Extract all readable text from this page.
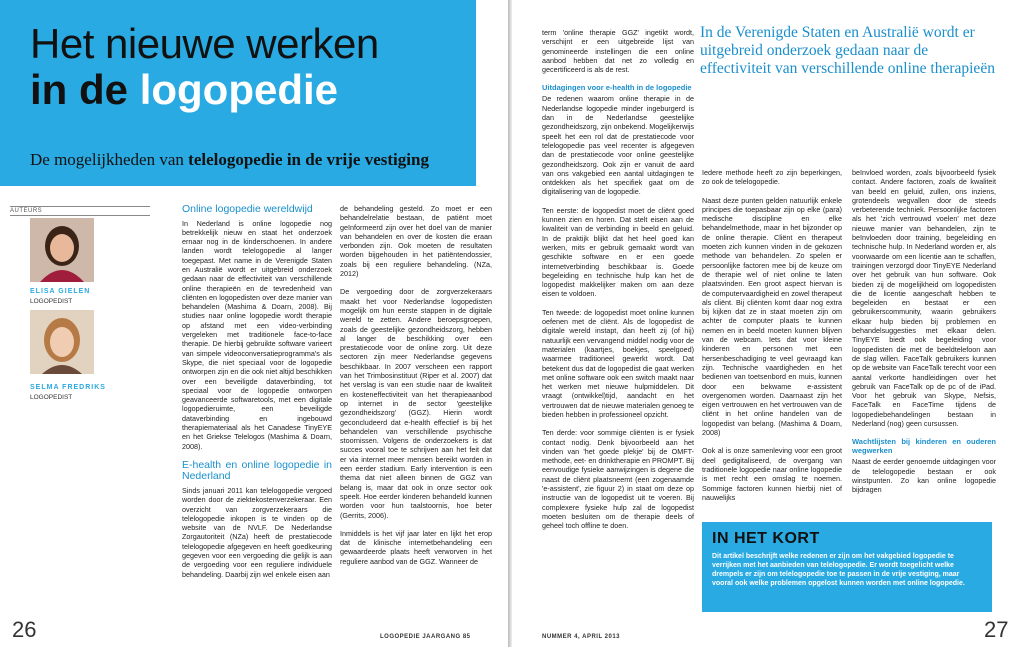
Het nieuwe werken
in de logopedie
De mogelijkheden van telelogopedie in de vrije vestiging
AUTEURS
ELISA GIELEN
LOGOPEDIST
SELMA FREDRIKS
LOGOPEDIST
Online logopedie wereldwijd

In Nederland is online logopedie nog betrekkelijk nieuw en staat het onderzoek ernaar nog in de kinderschoenen. In andere landen wordt telelogopedie al langer toegepast. Met name in de Verenigde Staten en Australië wordt er uitgebreid onderzoek gedaan naar de effectiviteit van verschillende online therapieën en de tevredenheid van cliënten en logopedisten over deze manier van behandelen (Mashima & Doarn, 2008). Bij studies naar online logopedie wordt therapie op afstand met een video-verbinding vergeleken met traditionele face-to-face therapie. De hierbij gebruikte software varieert van simpele videoconversatieprogramma's als Skype, die niet speciaal voor de logopedie ontworpen zijn en die ook niet altijd beschikken over een beveiligde dataverbinding, tot speciaal voor de logopedie ontworpen geavanceerde softwaretools, met een digitale logopedieruimte, een beveiligde dataverbinding en ingebouwd therapiemateriaal als het Canadese TinyEYE en het Griekse Telelogos (Mashima & Doarn, 2008).

E-health en online logopedie in Nederland

Sinds januari 2011 kan telelogopedie vergoed worden door de ziektekostenverzekeraar. Een overzicht van zorgverzekeraars die telelogopedie inkopen is te vinden op de website van de NVLF. De Nederlandse Zorgautoriteit (NZa) heeft de prestatiecode telelogopedie afgegeven en heeft goedkeuring gegeven voor een vergoeding die gelijk is aan de vergoeding voor een reguliere individuele behandeling. Daarbij zijn wel enkele eisen aan

de behandeling gesteld. Zo moet er een behandelrelatie bestaan, de patiënt moet geïnformeerd zijn over het doel van de manier van behandelen en over de kosten die eraan verbonden zijn. Ook moeten de resultaten worden bijgehouden in het patiëntendossier, zoals bij een reguliere behandeling. (NZa, 2012)

De vergoeding door de zorgverzekeraars maakt het voor Nederlandse logopedisten mogelijk om hun eerste stappen in de digitale wereld te zetten. Andere beroepsgroepen, zoals de geestelijke gezondheidszorg, hebben al langer de beschikking over een prestatiecode voor de online zorg. Uit deze sectoren zijn meer Nederlandse gegevens beschikbaar. In 2007 verscheen een rapport van het Trimbosinstituut (Riper et al. 2007) dat het verslag is van een studie naar de kwaliteit en kosteneffectiviteit van het therapieaanbod op internet in de sector 'geestelijke gezondheidszorg' (GGZ). Hierin wordt geconcludeerd dat e-health effectief is bij het behandelen van verschillende psychische stoornissen. Volgens de onderzoekers is dat succes vooral toe te schrijven aan het feit dat er via internet meer mensen bereikt worden in een eerder stadium. Early intervention is een thema dat niet alleen binnen de GGZ van belang is, maar dat ook in onze sector ook speelt. Hoe eerder kinderen behandeld kunnen worden voor hun taalstoornis, hoe beter (Gerrits, 2006).

Inmiddels is het vijf jaar later en lijkt het erop dat de klinische internetbehandeling een gewaardeerde plaats heeft verworven in het reguliere aanbod van de GGZ. Wanneer de

26	LOGOPEDIE JAARGANG 85

term 'online therapie GGZ' ingetikt wordt, verschijnt er een uitgebreide lijst van genomineerde instellingen die een online aanbod hebben dat net zo volledig en gecertificeerd is als de rest.

Uitdagingen voor e-health in de logopedie

De redenen waarom online therapie in de Nederlandse logopedie minder ingeburgerd is dan in de Nederlandse geestelijke gezondheidszorg, zijn onbekend. Mogelijkerwijs speelt het een rol dat de prestatiecode voor telelogopedie pas veel recenter is afgegeven dan de prestatiecode voor online geestelijke gezondheidszorg. Ook zijn er vanuit de aard van ons vakgebied een aantal uitdagingen te ontdekken als het specifiek gaat om de digitalisering van de logopedie.

Ten eerste: de logopedist moet de cliënt goed kunnen zien en horen. Dat stelt eisen aan de kwaliteit van de verbinding in beeld en geluid. In de praktijk blijkt dat het heel goed kan werken, mits er gebruik gemaakt wordt van geschikte software en er een goede internetverbinding beschikbaar is. Goede begeleiding en technische hulp kan het de logopedist makkelijker maken om aan deze eisen te voldoen.

Ten tweede: de logopedist moet online kunnen oefenen met de cliënt. Als de logopedist de digitale wereld instapt, dan heeft zij (of hij) natuurlijk een vervangend middel nodig voor de materialen (kaartjes, boekjes, speelgoed) waarmee traditioneel gewerkt wordt. Dat betekent dus dat de logopedist die gaat werken met online software ook een switch maakt naar het werken met nieuwe hulpmiddelen. Dit vraagt (ontwikkel)tijd, aandacht en het vertrouwen dat de nieuwe materialen genoeg te bieden hebben in professioneel opzicht.

Ten derde: voor sommige cliënten is er fysiek contact nodig. Denk bijvoorbeeld aan het vinden van 'het goede plekje' bij de OMFT-methode, eet- en drinktherapie en PROMPT. Bij eenvoudige fysieke aanwijzingen is degene die naast de cliënt plaatsneemt (een zogenaamde 'e-assistent', zie figuur 2) in staat om deze op instructie van de logopedist uit te voeren. Bij complexere fysieke hulp zal de logopedist moeten besluiten om de therapie deels of geheel toch offline te doen.

In de Verenigde Staten en Australië wordt er uitgebreid onderzoek gedaan naar de effectiviteit van verschillende online therapieën

Iedere methode heeft zo zijn beperkingen, zo ook de telelogopedie.

Naast deze punten gelden natuurlijk enkele principes die toepasbaar zijn op elke (para) medische discipline en elke behandelmethode, maar in het bijzonder op de online therapie. Cliënt en therapeut moeten zich kunnen vinden in de gekozen methode van behandelen. Zo spelen er persoonlijke factoren mee bij de keuze om de therapie wel of niet online te laten plaatsvinden. Een groot aspect hiervan is de computervaardigheid en zowel therapeut als cliënt. Bij cliënten komt daar nog extra bij kijken dat ze in staat moeten zijn om achter de computer plaats te kunnen nemen en in beeld moeten kunnen blijven van de webcam. Iets dat voor kleine kinderen en personen met een hersenbeschadiging te veel gevraagd kan zijn. Technische vaardigheden en het bedienen van toetsenbord en muis, kunnen door een bekwame e-assistent overgenomen worden. Daarnaast zijn het eigen vertrouwen en het vertrouwen van de cliënt in het online handelen van de logopedist van belang. (Mashima & Doarn, 2008)

Ook al is onze samenleving voor een groot deel gedigitaliseerd, de overgang van traditionele logopedie naar online logopedie is met recht een omslag te noemen. Sommige factoren kunnen hierbij niet of nauwelijks

beïnvloed worden, zoals bijvoorbeeld fysiek contact. Andere factoren, zoals de kwaliteit van beeld en geluid, zullen, ons inziens, grotendeels wegvallen door de steeds verbeterende techniek. Persoonlijke factoren als het 'zich vertrouwd voelen' met deze nieuwe manier van behandelen, zijn te beïnvloeden door training, begeleiding en technische hulp. In Nederland worden er, als voorwaarde om een licentie aan te schaffen, trainingen verzorgd door TinyEYE Nederland over het gebruik van hun software. Ook bieden zij de mogelijkheid om logopedisten die de licentie aangeschaft hebben te begeleiden en bestaat er een gebruikerscommunity, waarin gebruikers elkaar hulp bieden bij problemen en behandelsuggesties met elkaar delen. TinyEYE biedt ook begeleiding voor logopedisten die met de beeldtelefoon aan de slag willen. FaceTalk gebruikers kunnen op de website van FaceTalk terecht voor een aantal verkorte handleidingen over het gebruik van FaceTalk op de pc of de iPad. Voor het gebruik van Skype, Nefsis, FaceTalk en FaceTime tijdens de logopediebehandelingen bestaan in Nederland (nog) geen cursussen.

Wachtlijsten bij kinderen en ouderen wegwerken

Naast de eerder genoemde uitdagingen voor de telelogopedie bestaan er ook winstpunten. Zo kan online logopedie bijdragen

IN HET KORT
Dit artikel beschrijft welke redenen er zijn om het vakgebied logopedie te verrijken met het aanbieden van telelogopedie. Er wordt toegelicht welke drempels er zijn om telelogopedie toe te passen in de vrije vestiging, maar vooral ook welke problemen opgelost kunnen worden met online logopedie.
NUMMER 4, APRIL 2013	27
